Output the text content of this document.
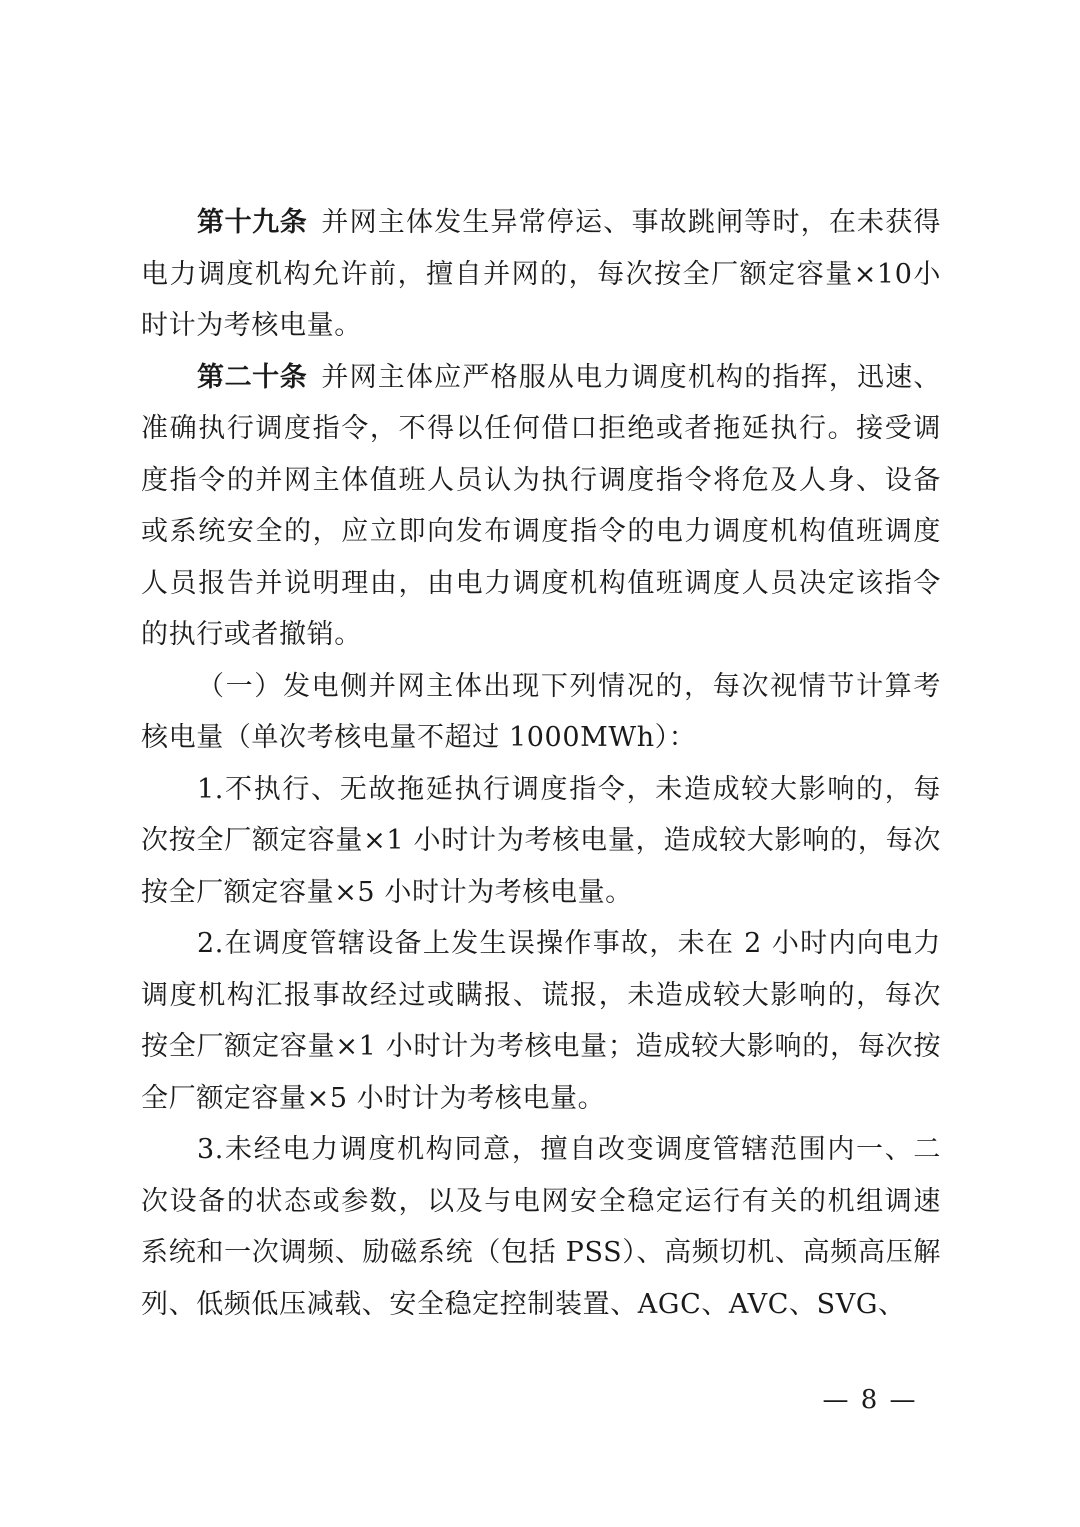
第十九条 并网主体发生异常停运、事故跳闸等时，在未获得电力调度机构允许前，擅自并网的，每次按全厂额定容量×10小时计为考核电量。

第二十条 并网主体应严格服从电力调度机构的指挥，迅速、准确执行调度指令，不得以任何借口拒绝或者拖延执行。接受调度指令的并网主体值班人员认为执行调度指令将危及人身、设备或系统安全的，应立即向发布调度指令的电力调度机构值班调度人员报告并说明理由，由电力调度机构值班调度人员决定该指令的执行或者撤销。

（一）发电侧并网主体出现下列情况的，每次视情节计算考核电量（单次考核电量不超过 1000MWh）：

1.不执行、无故拖延执行调度指令，未造成较大影响的，每次按全厂额定容量×1 小时计为考核电量，造成较大影响的，每次按全厂额定容量×5 小时计为考核电量。

2.在调度管辖设备上发生误操作事故，未在 2 小时内向电力调度机构汇报事故经过或瞒报、谎报，未造成较大影响的，每次按全厂额定容量×1 小时计为考核电量；造成较大影响的，每次按全厂额定容量×5 小时计为考核电量。

3.未经电力调度机构同意，擅自改变调度管辖范围内一、二次设备的状态或参数，以及与电网安全稳定运行有关的机组调速系统和一次调频、励磁系统（包括 PSS）、高频切机、高频高压解列、低频低压减载、安全稳定控制装置、AGC、AVC、SVG、

— 8 —
